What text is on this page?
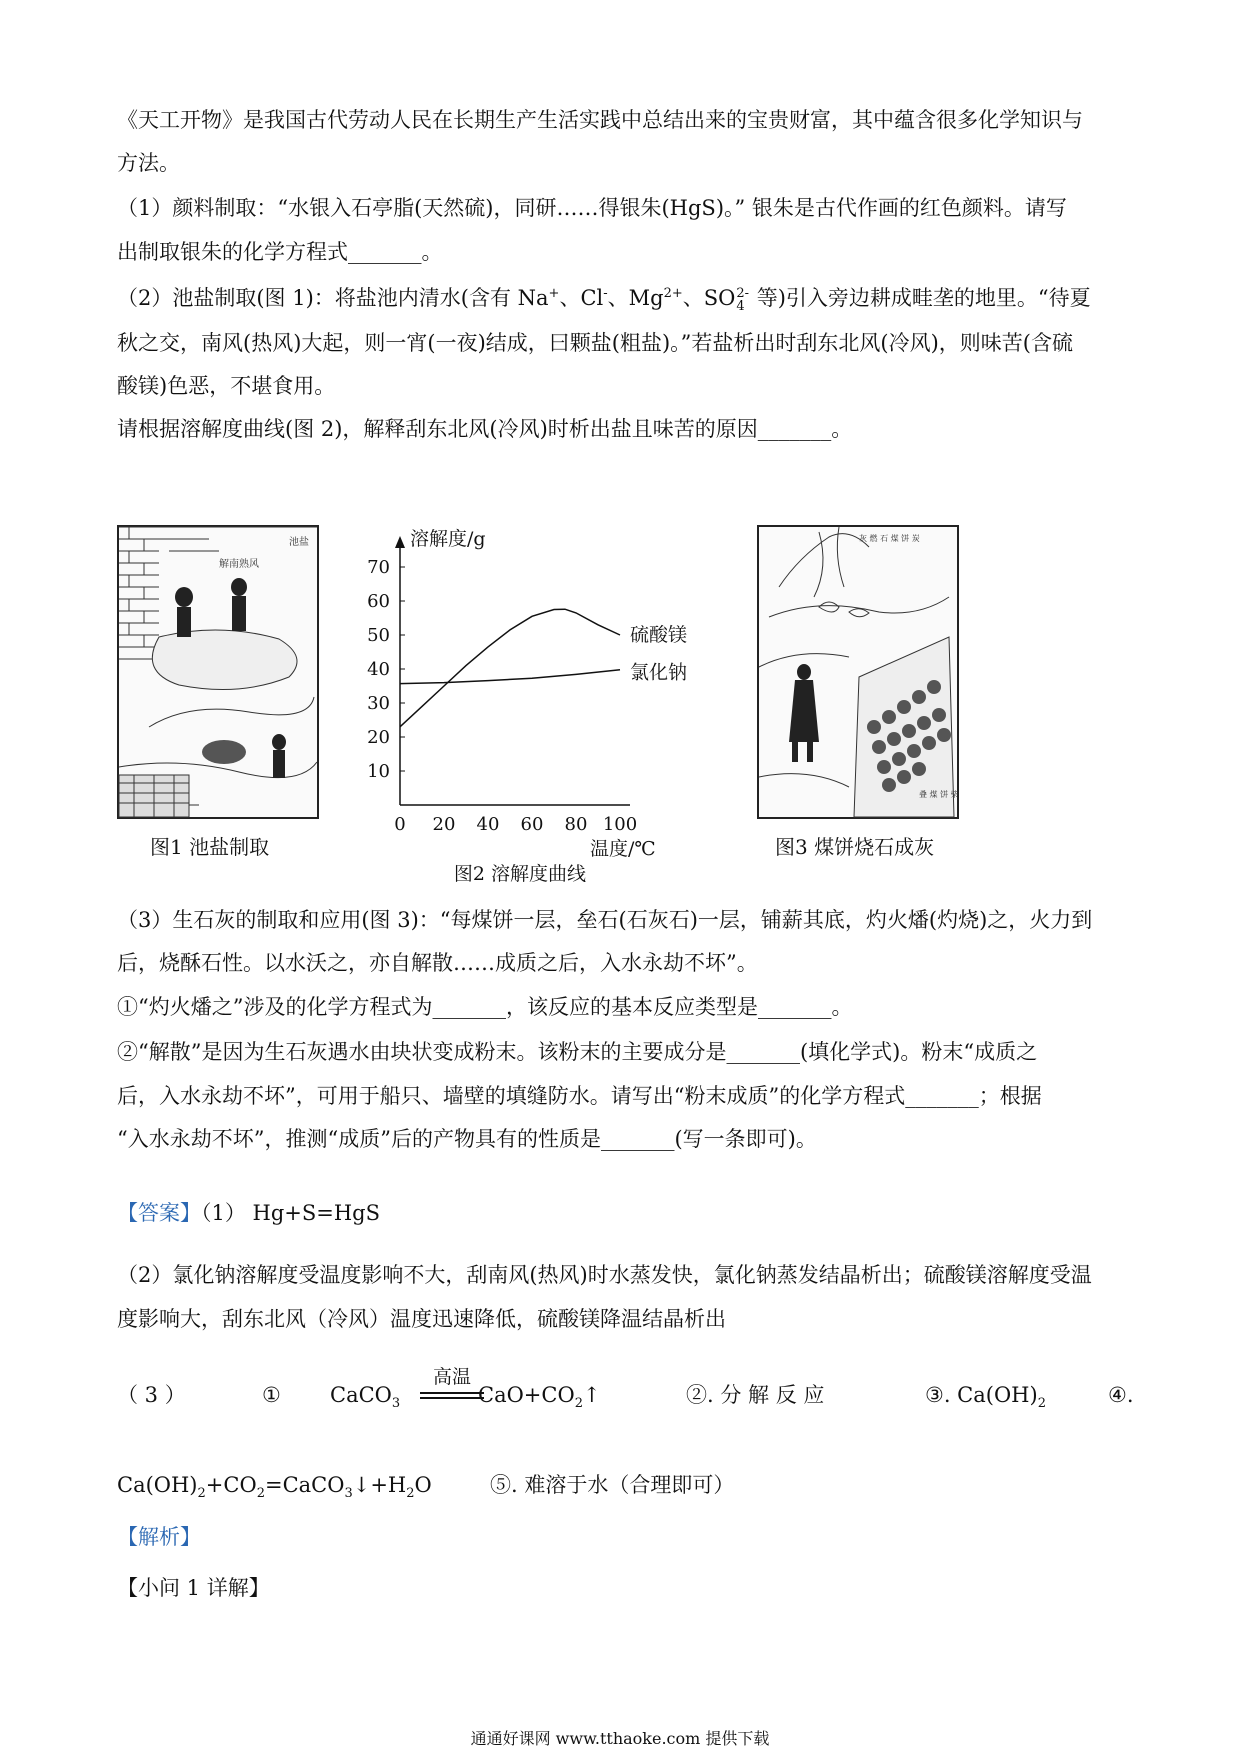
《天工开物》是我国古代劳动人民在长期生产生活实践中总结出来的宝贵财富，其中蕴含很多化学知识与
方法。
（1）颜料制取：“水银入石亭脂(天然硫)，同研……得银朱(HgS)。” 银朱是古代作画的红色颜料。请写
出制取银朱的化学方程式_______。
（2）池盐制取(图 1)：将盐池内清水(含有 Na+、Cl-、$Mg^{2+}$、SO 2-
4 等)引入旁边耕成畦垄的地里。“待夏
秋之交，南风(热风)大起，则一宵(一夜)结成，曰颗盐(粗盐)。”若盐析出时刮东北风(冷风)，则味苦(含硫
酸镁)色恶，不堪食用。
请根据溶解度曲线(图 2)，解释刮东北风(冷风)时析出盐且味苦的原因_______。
池盐
解南熟风
图1 池盐制取
0 20 40 60 80 100
10
20
30
40
50
60
70
溶解度/g
温度/℃
硫酸镁
氯化钠
图2 溶解度曲线
灰 燃 石 煤 饼 炭
叠 煤 饼 柴
图3 煤饼烧石成灰
（3）生石灰的制取和应用(图 3)：“每煤饼一层，垒石(石灰石)一层，铺薪其底，灼火燔(灼烧)之，火力到
后，烧酥石性。以水沃之，亦自解散……成质之后，入水永劫不坏”。
①“灼火燔之”涉及的化学方程式为_______，该反应的基本反应类型是_______。
②“解散”是因为生石灰遇水由块状变成粉末。该粉末的主要成分是_______(填化学式)。粉末“成质之
后，入水永劫不坏”，可用于船只、墙壁的填缝防水。请写出“粉末成质”的化学方程式_______；根据
“入水永劫不坏”，推测“成质”后的产物具有的性质是_______(写一条即可)。
【答案】（1） Hg+S=HgS
（2）氯化钠溶解度受温度影响不大，刮南风(热风)时水蒸发快，氯化钠蒸发结晶析出；硫酸镁溶解度受温
度影响大，刮东北风（冷风）温度迅速降低，硫酸镁降温结晶析出
（ 3 ）	① CaCO$_3$
高温
$CaO+CO_2↑$	②. 分 解 反 应	③. $Ca(OH)_2$	④.
$Ca(OH)_2+CO_2=CaCO_3↓+H_2O$	⑤. 难溶于水（合理即可）
【解析】
【小问 1 详解】
通通好课网 www.tthaoke.com 提供下载
